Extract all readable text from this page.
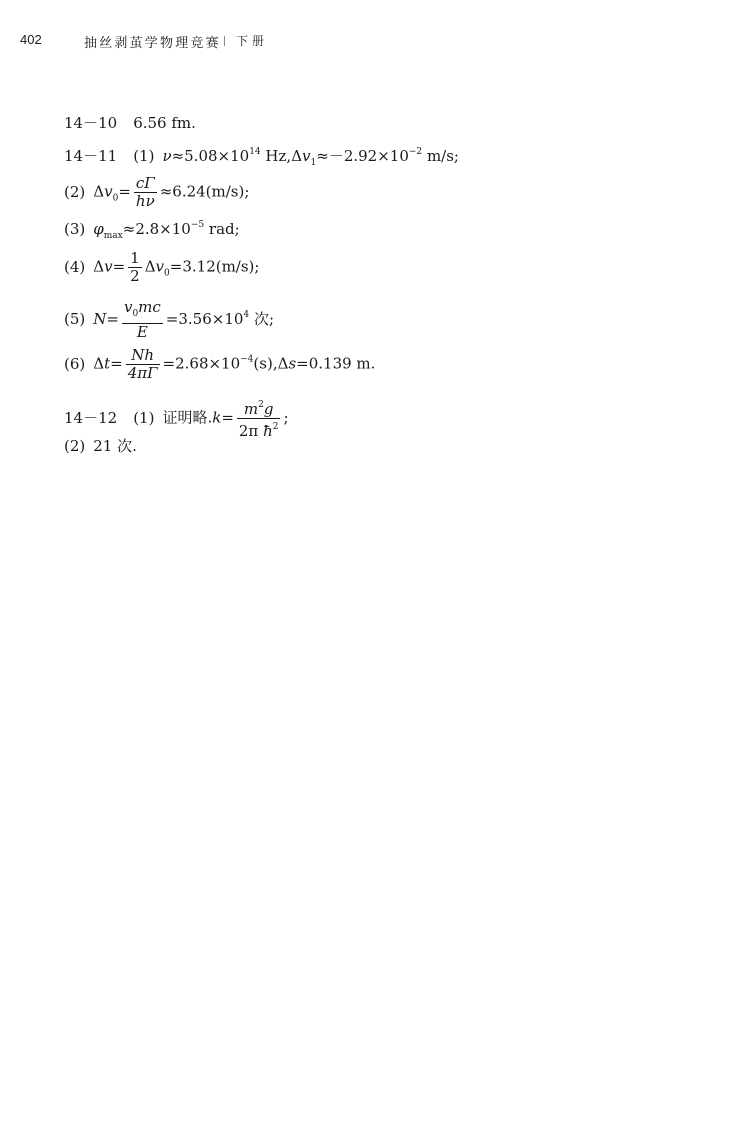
402	抽丝剥茧学物理竞赛 下册
14－10 6.56 fm.
14－11 (1) $\nu\approx 5.08\times 10^{14}$ $Hz,\Delta v_1\approx-2.92\times 10^{-2}$ m/s;
(2) $\Delta v_0= \frac{c\Gamma}{h\nu} \approx 6.24(m/s)$;
(3) $\varphi_{max}\approx 2.8\times 10^{-5}$ rad;
(4) $\Delta v= \frac{1}{2} \Delta v_0=3.12(m/s)$;
(5) $N= \frac{v_0mc}{E} =3.56\times 10^4$ 次;
(6) $\Delta t= \frac{Nh}{4\pi\Gamma} =2.68\times 10^{-4}(s),\Delta s=0.139$ m.
14－12 (1) 证明略$.k= \frac{m^2g}{2\pi ħ^2}$ ;
(2) 21 次.
